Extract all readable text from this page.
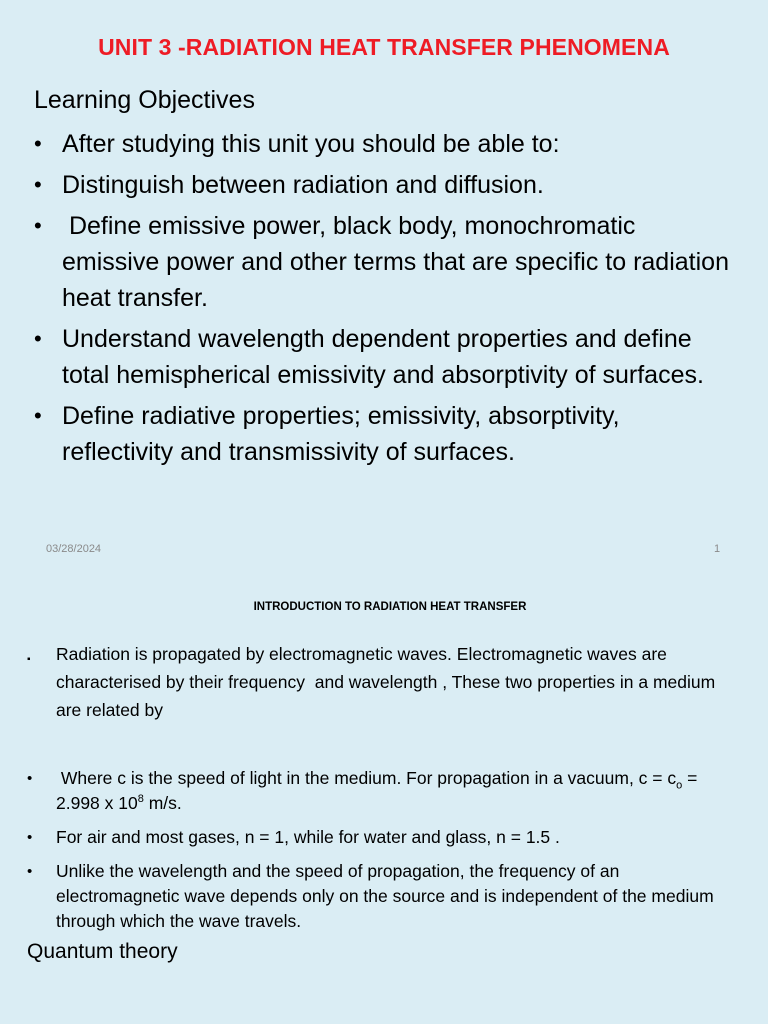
UNIT 3 -RADIATION HEAT TRANSFER PHENOMENA
Learning Objectives
• After studying this unit you should be able to:
• Distinguish between radiation and diffusion.
• Define emissive power, black body, monochromatic emissive power and other terms that are specific to radiation heat transfer.
• Understand wavelength dependent properties and define total hemispherical emissivity and absorptivity of surfaces.
• Define radiative properties; emissivity, absorptivity, reflectivity and transmissivity of surfaces.
03/28/2024	1
INTRODUCTION TO RADIATION HEAT TRANSFER
▪ Radiation is propagated by electromagnetic waves. Electromagnetic waves are characterised by their frequency  and wavelength , These two properties in a medium are related by
• Where c is the speed of light in the medium. For propagation in a vacuum, $c = c_o = 2.998$ x $10^8$ m/s.
• For air and most gases, n = 1, while for water and glass, n = 1.5 .
• Unlike the wavelength and the speed of propagation, the frequency of an electromagnetic wave depends only on the source and is independent of the medium through which the wave travels.
Quantum theory
